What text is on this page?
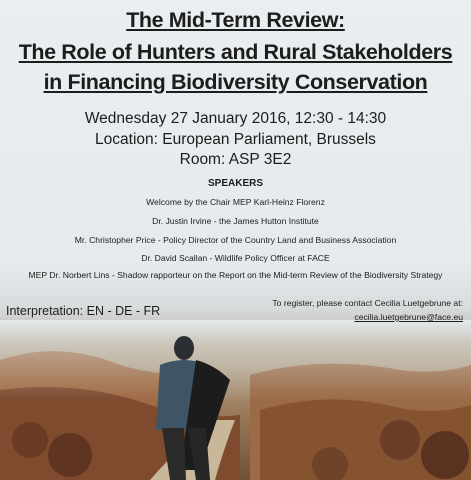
The Mid-Term Review:

The Role of Hunters and Rural Stakeholders

in Financing Biodiversity Conservation

Wednesday 27 January 2016, 12:30 - 14:30
Location: European Parliament, Brussels
Room: ASP 3E2
SPEAKERS
Welcome by the Chair MEP Karl-Heinz Florenz
Dr. Justin Irvine - the James Hutton Institute
Mr. Christopher Price - Policy Director of the Country Land and Business Association
Dr. David Scallan - Wildlife Policy Officer at FACE
MEP Dr. Norbert Lins - Shadow rapporteur on the Report on the Mid-term Review of the Biodiversity Strategy
Interpretation: EN - DE - FR
To register, please contact Cecilia Luetgebrune at:
cecilia.luetgebrune@face.eu
